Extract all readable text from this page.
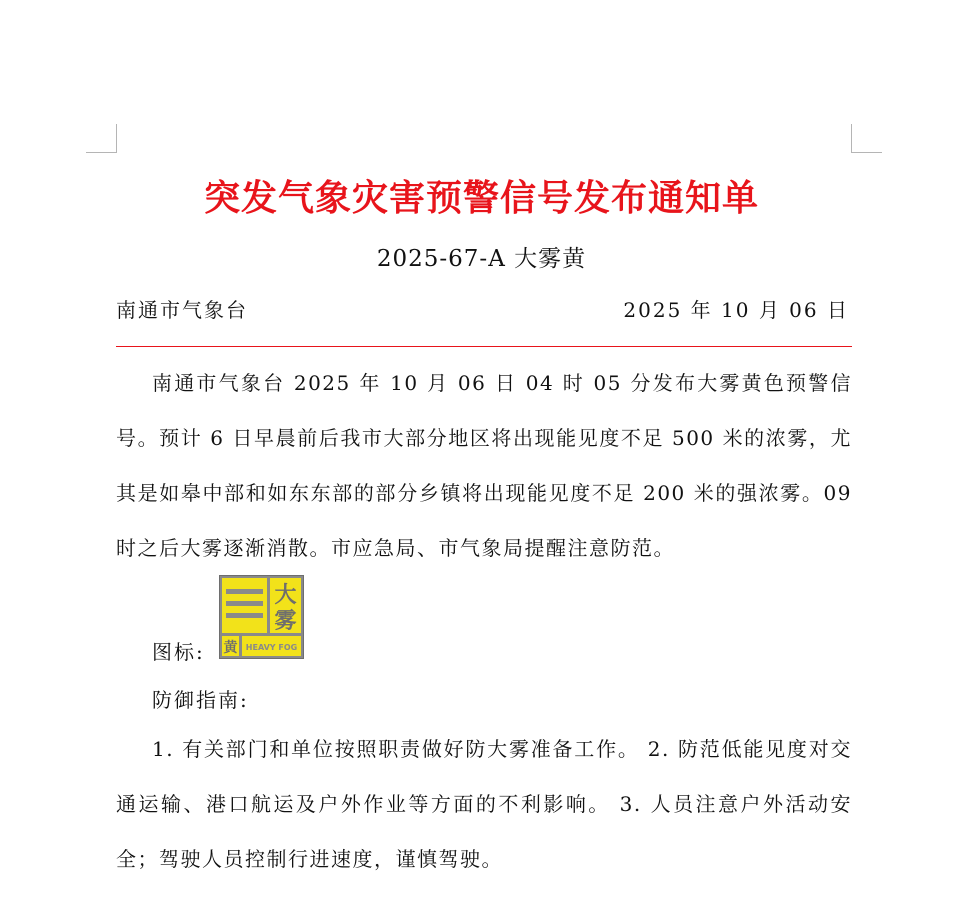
突发气象灾害预警信号发布通知单
2025-67-A 大雾黄
南通市气象台	2025 年 10 月 06 日

南通市气象台 2025 年 10 月 06 日 04 时 05 分发布大雾黄色预警信号。预计 6 日早晨前后我市大部分地区将出现能见度不足 500 米的浓雾，尤其是如皋中部和如东东部的部分乡镇将出现能见度不足 200 米的强浓雾。09 时之后大雾逐渐消散。市应急局、市气象局提醒注意防范。

图标:
大
雾
黄 HEAVY FOG
防御指南:

1. 有关部门和单位按照职责做好防大雾准备工作。 2. 防范低能见度对交通运输、港口航运及户外作业等方面的不利影响。 3. 人员注意户外活动安全；驾驶人员控制行进速度，谨慎驾驶。
